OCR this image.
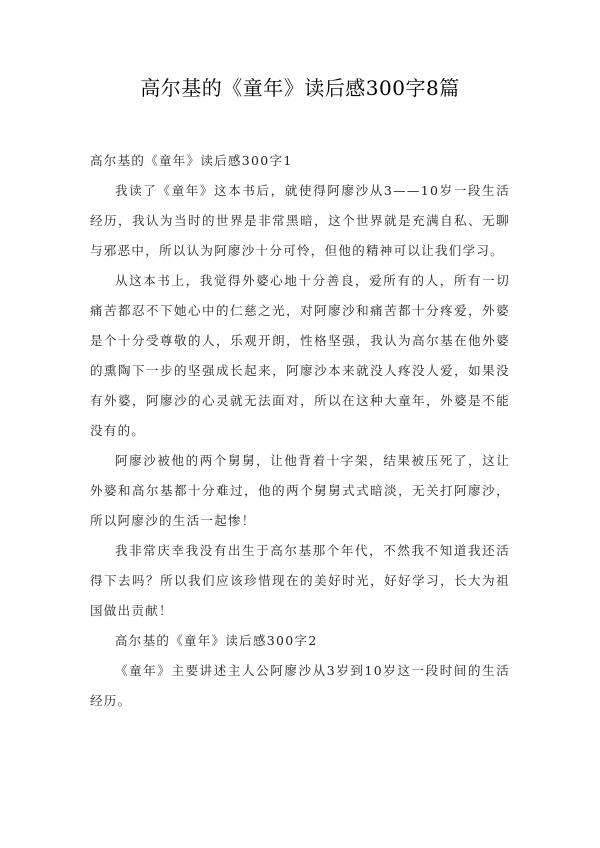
高尔基的《童年》读后感300字8篇

高尔基的《童年》读后感300字1

我读了《童年》这本书后，就使得阿廖沙从3——10岁一段生活经历，我认为当时的世界是非常黑暗，这个世界就是充满自私、无聊与邪恶中，所以认为阿廖沙十分可怜，但他的精神可以让我们学习。

从这本书上，我觉得外婆心地十分善良，爱所有的人，所有一切痛苦都忍不下她心中的仁慈之光，对阿廖沙和痛苦都十分疼爱，外婆是个十分受尊敬的人，乐观开朗，性格坚强，我认为高尔基在他外婆的熏陶下一步的坚强成长起来，阿廖沙本来就没人疼没人爱，如果没有外婆，阿廖沙的心灵就无法面对，所以在这种大童年，外婆是不能没有的。

阿廖沙被他的两个舅舅，让他背着十字架，结果被压死了，这让外婆和高尔基都十分难过，他的两个舅舅式式暗淡，无关打阿廖沙，所以阿廖沙的生活一起惨！

我非常庆幸我没有出生于高尔基那个年代，不然我不知道我还活得下去吗？所以我们应该珍惜现在的美好时光，好好学习，长大为祖国做出贡献！

高尔基的《童年》读后感300字2

《童年》主要讲述主人公阿廖沙从3岁到10岁这一段时间的生活经历。
